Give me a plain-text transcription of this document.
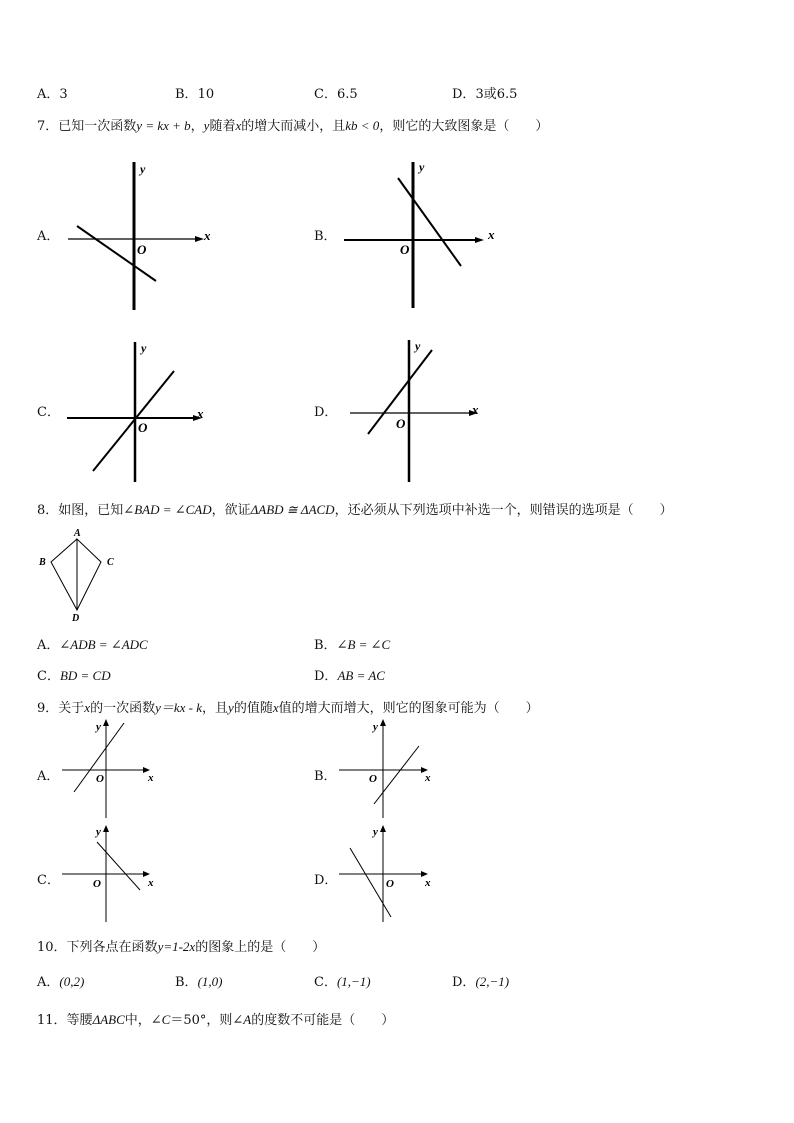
A．3	B．10	C．6.5	D．3或6.5
7．已知一次函数y = kx + b，y随着x的增大而减小，且kb < 0，则它的大致图象是（　　）
A．
y
x
O
B．
y
x
O
C．
y
x
O
D．
y
x
O
8．如图，已知∠BAD = ∠CAD，欲证ΔABD ≅ ΔACD，还必须从下列选项中补选一个，则错误的选项是（　　）
A
B	C
D
A．∠ADB = ∠ADC	B．∠B = ∠C
C．BD = CD	D．AB = AC
9．关于x的一次函数y＝kx - k，且y的值随x值的增大而增大，则它的图象可能为（　　）
A．
y
x
O	B．
y
x
O
C．
y
x
O	D．
y
x
O
10．下列各点在函数y=1-2x的图象上的是（　　）
A．(0,2)	B．(1,0)	C．(1,−1)	D．(2,−1)
11．等腰ΔABC中，∠C＝50°，则∠A的度数不可能是（　　）
